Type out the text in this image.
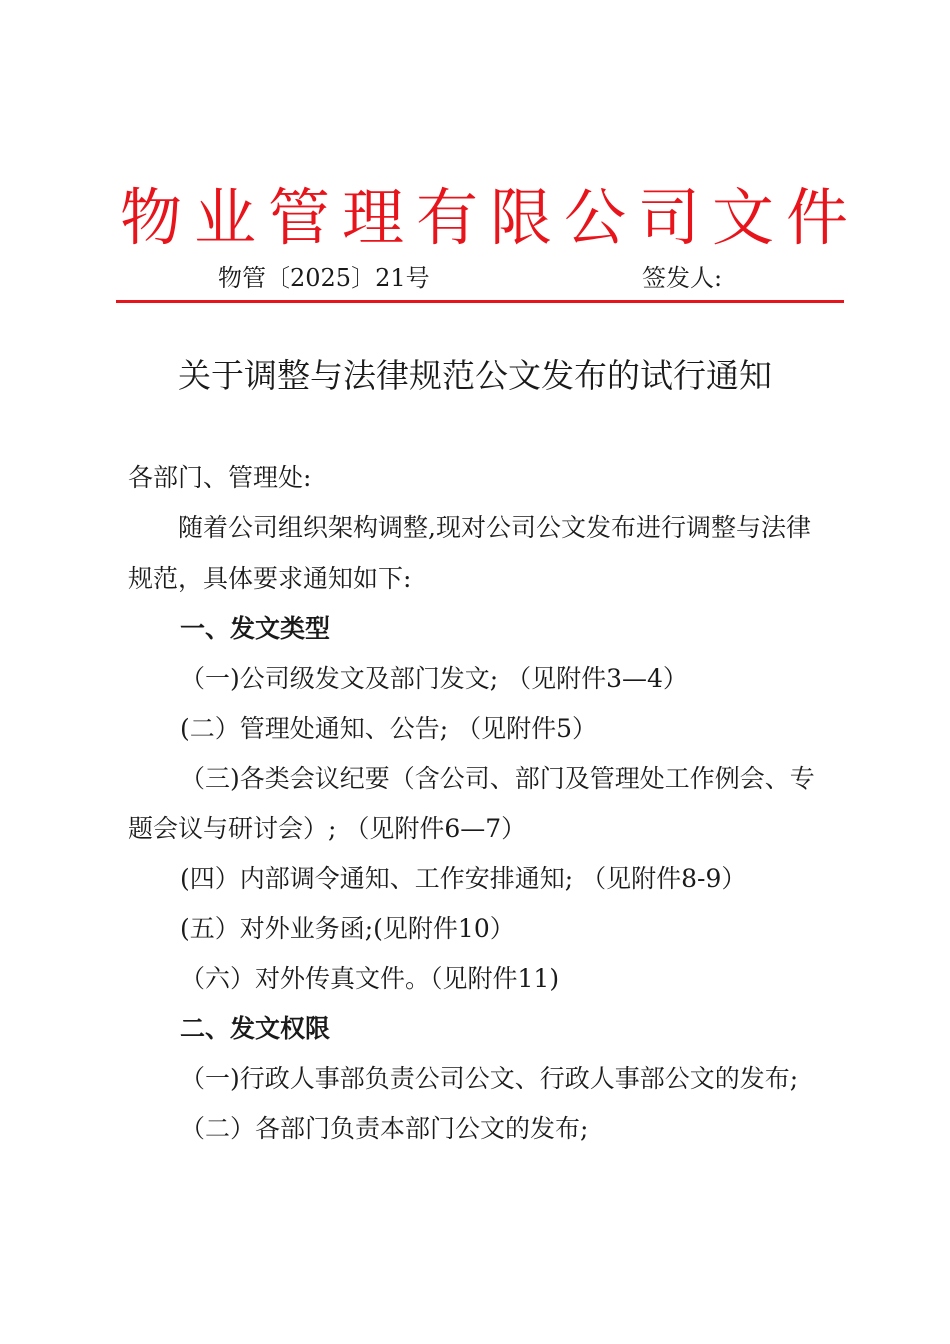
物业管理有限公司文件
物管〔2025〕21号	签发人:
关于调整与法律规范公文发布的试行通知
各部门、管理处:
随着公司组织架构调整,现对公司公文发布进行调整与法律
规范，具体要求通知如下:
一、发文类型
（一)公司级发文及部门发文; （见附件3—4）
(二）管理处通知、公告; （见附件5）
（三)各类会议纪要（含公司、部门及管理处工作例会、专
题会议与研讨会）; （见附件6—7）
(四）内部调令通知、工作安排通知; （见附件8-9）
(五）对外业务函;(见附件10）
（六）对外传真文件。（见附件11)
二、发文权限
（一)行政人事部负责公司公文、行政人事部公文的发布;
（二）各部门负责本部门公文的发布;
